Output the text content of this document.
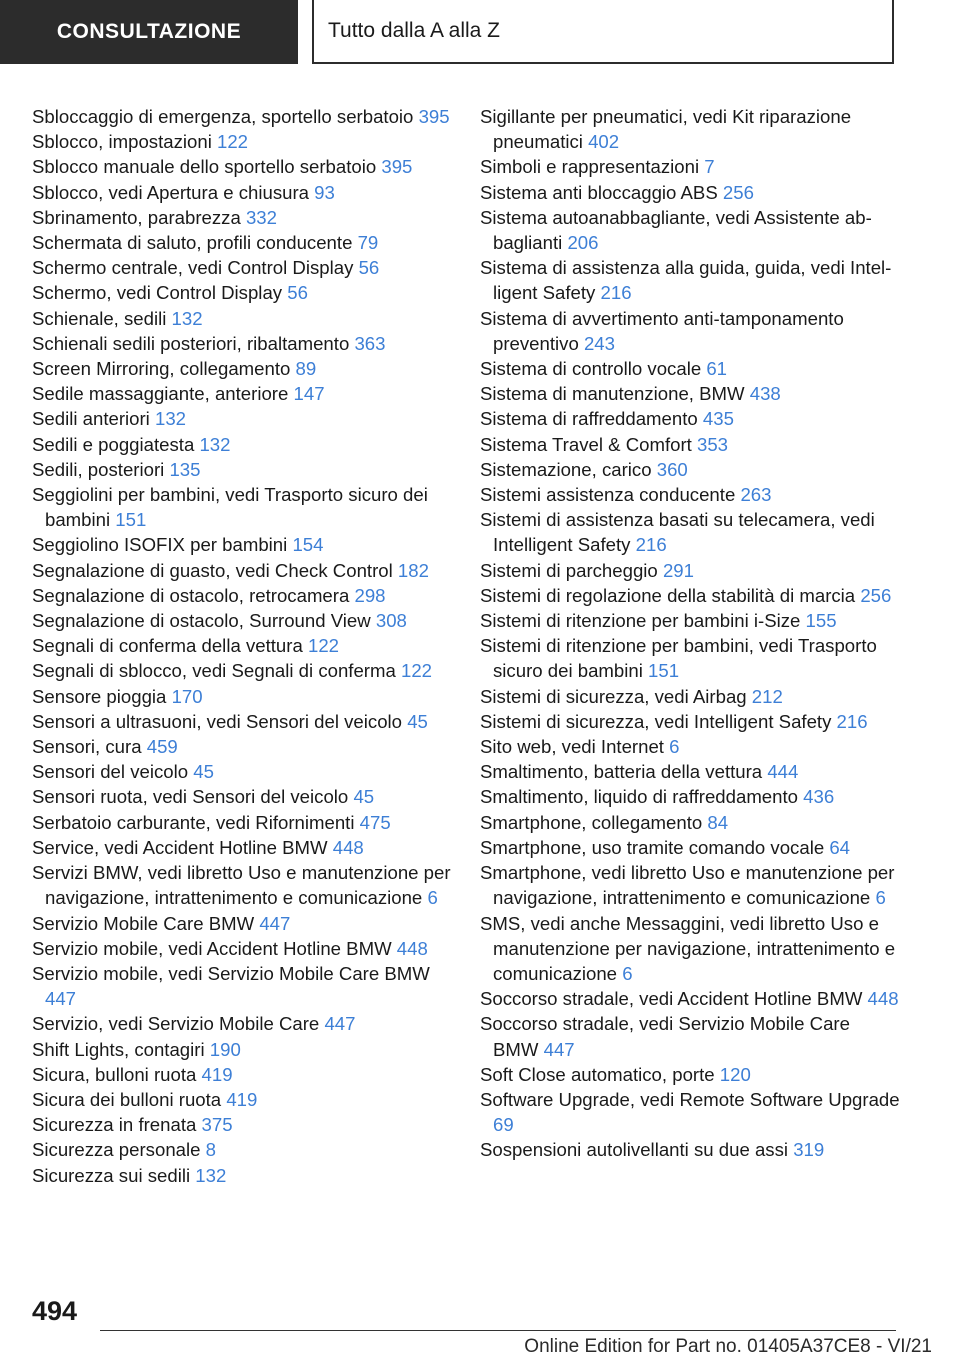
CONSULTAZIONE	Tutto dalla A alla Z
Sbloccaggio di emergenza, sportello serbatoio 395
Sblocco, impostazioni 122
Sblocco manuale dello sportello serbatoio 395
Sblocco, vedi Apertura e chiusura 93
Sbrinamento, parabrezza 332
Schermata di saluto, profili conducente 79
Schermo centrale, vedi Control Display 56
Schermo, vedi Control Display 56
Schienale, sedili 132
Schienali sedili posteriori, ribaltamento 363
Screen Mirroring, collegamento 89
Sedile massaggiante, anteriore 147
Sedili anteriori 132
Sedili e poggiatesta 132
Sedili, posteriori 135
Seggiolini per bambini, vedi Trasporto sicuro dei bambini 151
Seggiolino ISOFIX per bambini 154
Segnalazione di guasto, vedi Check Control 182
Segnalazione di ostacolo, retrocamera 298
Segnalazione di ostacolo, Surround View 308
Segnali di conferma della vettura 122
Segnali di sblocco, vedi Segnali di conferma 122
Sensore pioggia 170
Sensori a ultrasuoni, vedi Sensori del veicolo 45
Sensori, cura 459
Sensori del veicolo 45
Sensori ruota, vedi Sensori del veicolo 45
Serbatoio carburante, vedi Rifornimenti 475
Service, vedi Accident Hotline BMW 448
Servizi BMW, vedi libretto Uso e manutenzione per navigazione, intrattenimento e comunicazione 6
Servizio Mobile Care BMW 447
Servizio mobile, vedi Accident Hotline BMW 448
Servizio mobile, vedi Servizio Mobile Care BMW 447
Servizio, vedi Servizio Mobile Care 447
Shift Lights, contagiri 190
Sicura, bulloni ruota 419
Sicura dei bulloni ruota 419
Sicurezza in frenata 375
Sicurezza personale 8
Sicurezza sui sedili 132
Sigillante per pneumatici, vedi Kit riparazione pneumatici 402
Simboli e rappresentazioni 7
Sistema anti bloccaggio ABS 256
Sistema autoanabbagliante, vedi Assistente abbaglianti 206
Sistema di assistenza alla guida, guida, vedi Intelligent Safety 216
Sistema di avvertimento anti-tamponamento preventivo 243
Sistema di controllo vocale 61
Sistema di manutenzione, BMW 438
Sistema di raffreddamento 435
Sistema Travel & Comfort 353
Sistemazione, carico 360
Sistemi assistenza conducente 263
Sistemi di assistenza basati su telecamera, vedi Intelligent Safety 216
Sistemi di parcheggio 291
Sistemi di regolazione della stabilità di marcia 256
Sistemi di ritenzione per bambini i-Size 155
Sistemi di ritenzione per bambini, vedi Trasporto sicuro dei bambini 151
Sistemi di sicurezza, vedi Airbag 212
Sistemi di sicurezza, vedi Intelligent Safety 216
Sito web, vedi Internet 6
Smaltimento, batteria della vettura 444
Smaltimento, liquido di raffreddamento 436
Smartphone, collegamento 84
Smartphone, uso tramite comando vocale 64
Smartphone, vedi libretto Uso e manutenzione per navigazione, intrattenimento e comunicazione 6
SMS, vedi anche Messaggini, vedi libretto Uso e manutenzione per navigazione, intrattenimento e comunicazione 6
Soccorso stradale, vedi Accident Hotline BMW 448
Soccorso stradale, vedi Servizio Mobile Care BMW 447
Soft Close automatico, porte 120
Software Upgrade, vedi Remote Software Upgrade 69
Sospensioni autolivellanti su due assi 319
494
Online Edition for Part no. 01405A37CE8 - VI/21
